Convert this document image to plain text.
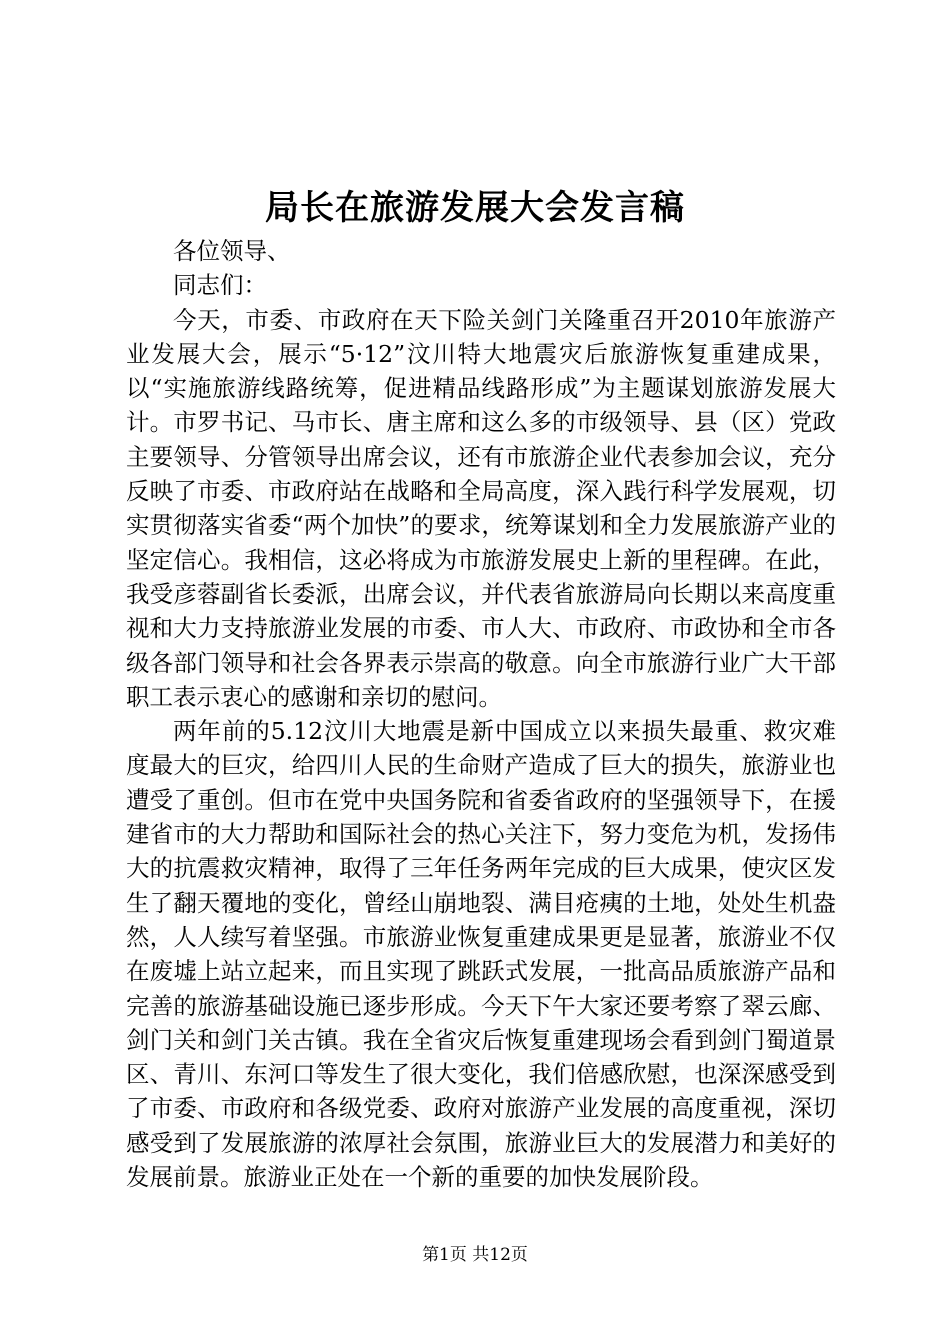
局长在旅游发展大会发言稿

各位领导、

同志们：

今天，市委、市政府在天下险关剑门关隆重召开2010年旅游产业发展大会，展示“5·12”汶川特大地震灾后旅游恢复重建成果，以“实施旅游线路统筹，促进精品线路形成”为主题谋划旅游发展大计。市罗书记、马市长、唐主席和这么多的市级领导、县（区）党政主要领导、分管领导出席会议，还有市旅游企业代表参加会议，充分反映了市委、市政府站在战略和全局高度，深入践行科学发展观，切实贯彻落实省委“两个加快”的要求，统筹谋划和全力发展旅游产业的坚定信心。我相信，这必将成为市旅游发展史上新的里程碑。在此，我受彦蓉副省长委派，出席会议，并代表省旅游局向长期以来高度重视和大力支持旅游业发展的市委、市人大、市政府、市政协和全市各级各部门领导和社会各界表示崇高的敬意。向全市旅游行业广大干部职工表示衷心的感谢和亲切的慰问。

两年前的5.12汶川大地震是新中国成立以来损失最重、救灾难度最大的巨灾，给四川人民的生命财产造成了巨大的损失，旅游业也遭受了重创。但市在党中央国务院和省委省政府的坚强领导下，在援建省市的大力帮助和国际社会的热心关注下，努力变危为机，发扬伟大的抗震救灾精神，取得了三年任务两年完成的巨大成果，使灾区发生了翻天覆地的变化，曾经山崩地裂、满目疮痍的土地，处处生机盎然，人人续写着坚强。市旅游业恢复重建成果更是显著，旅游业不仅在废墟上站立起来，而且实现了跳跃式发展，一批高品质旅游产品和完善的旅游基础设施已逐步形成。今天下午大家还要考察了翠云廊、剑门关和剑门关古镇。我在全省灾后恢复重建现场会看到剑门蜀道景区、青川、东河口等发生了很大变化，我们倍感欣慰，也深深感受到了市委、市政府和各级党委、政府对旅游产业发展的高度重视，深切感受到了发展旅游的浓厚社会氛围，旅游业巨大的发展潜力和美好的发展前景。旅游业正处在一个新的重要的加快发展阶段。

第1页 共12页
